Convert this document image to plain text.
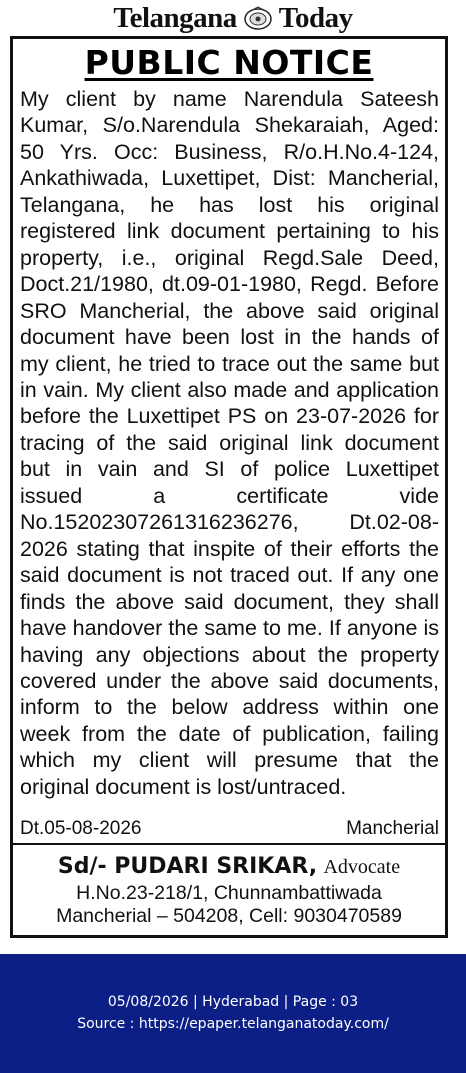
Telangana Today
PUBLIC NOTICE

My client by name Narendula Sateesh Kumar, S/o.Narendula Shekaraiah, Aged: 50 Yrs. Occ: Business, R/o.H.No.4-124, Ankathiwada, Luxettipet, Dist: Mancherial, Telangana, he has lost his original registered link document pertaining to his property, i.e., original Regd.Sale Deed, Doct.21/1980, dt.09-01-1980, Regd. Before SRO Mancherial, the above said original document have been lost in the hands of my client, he tried to trace out the same but in vain. My client also made and application before the Luxettipet PS on 23-07-2026 for tracing of the said original link document but in vain and SI of police Luxettipet issued a certificate vide No.15202307261316236276, Dt.02-08-2026 stating that inspite of their efforts the said document is not traced out. If any one finds the above said document, they shall have handover the same to me. If anyone is having any objections about the property covered under the above said documents, inform to the below address within one week from the date of publication, failing which my client will presume that the original document is lost/untraced.

Dt.05-08-2026	Mancherial
Sd/- PUDARI SRIKAR, Advocate
H.No.23-218/1, Chunnambattiwada
Mancherial – 504208, Cell: 9030470589
05/08/2026 | Hyderabad | Page : 03
Source : https://epaper.telanganatoday.com/
